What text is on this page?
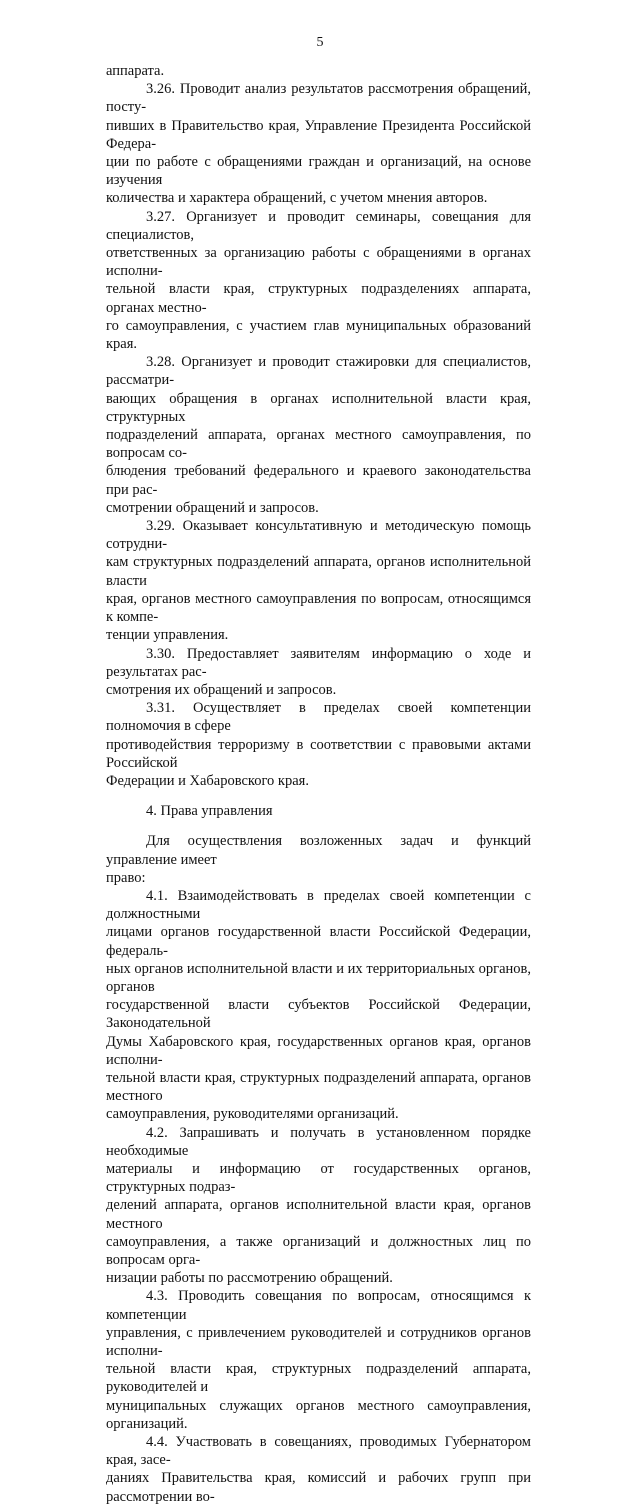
5

аппарата.

3.26. Проводит анализ результатов рассмотрения обращений, посту-
пивших в Правительство края, Управление Президента Российской Федера-
ции по работе с обращениями граждан и организаций, на основе изучения
количества и характера обращений, с учетом мнения авторов.

3.27. Организует и проводит семинары, совещания для специалистов,
ответственных за организацию работы с обращениями в органах исполни-
тельной власти края, структурных подразделениях аппарата, органах местно-
го самоуправления, с участием глав муниципальных образований края.

3.28. Организует и проводит стажировки для специалистов, рассматри-
вающих обращения в органах исполнительной власти края, структурных
подразделений аппарата, органах местного самоуправления, по вопросам со-
блюдения требований федерального и краевого законодательства при рас-
смотрении обращений и запросов.

3.29. Оказывает консультативную и методическую помощь сотрудни-
кам структурных подразделений аппарата, органов исполнительной власти
края, органов местного самоуправления по вопросам, относящимся к компе-
тенции управления.

3.30. Предоставляет заявителям информацию о ходе и результатах рас-
смотрения их обращений и запросов.

3.31. Осуществляет в пределах своей компетенции полномочия в сфере
противодействия терроризму в соответствии с правовыми актами Российской
Федерации и Хабаровского края.

4. Права управления

Для осуществления возложенных задач и функций управление имеет
право:

4.1. Взаимодействовать в пределах своей компетенции с должностными
лицами органов государственной власти Российской Федерации, федераль-
ных органов исполнительной власти и их территориальных органов, органов
государственной власти субъектов Российской Федерации, Законодательной
Думы Хабаровского края, государственных органов края, органов исполни-
тельной власти края, структурных подразделений аппарата, органов местного
самоуправления, руководителями организаций.

4.2. Запрашивать и получать в установленном порядке необходимые
материалы и информацию от государственных органов, структурных подраз-
делений аппарата, органов исполнительной власти края, органов местного
самоуправления, а также организаций и должностных лиц по вопросам орга-
низации работы по рассмотрению обращений.

4.3. Проводить совещания по вопросам, относящимся к компетенции
управления, с привлечением руководителей и сотрудников органов исполни-
тельной власти края, структурных подразделений аппарата, руководителей и
муниципальных служащих органов местного самоуправления, организаций.

4.4. Участвовать в совещаниях, проводимых Губернатором края, засе-
даниях Правительства края, комиссий и рабочих групп при рассмотрении во-
